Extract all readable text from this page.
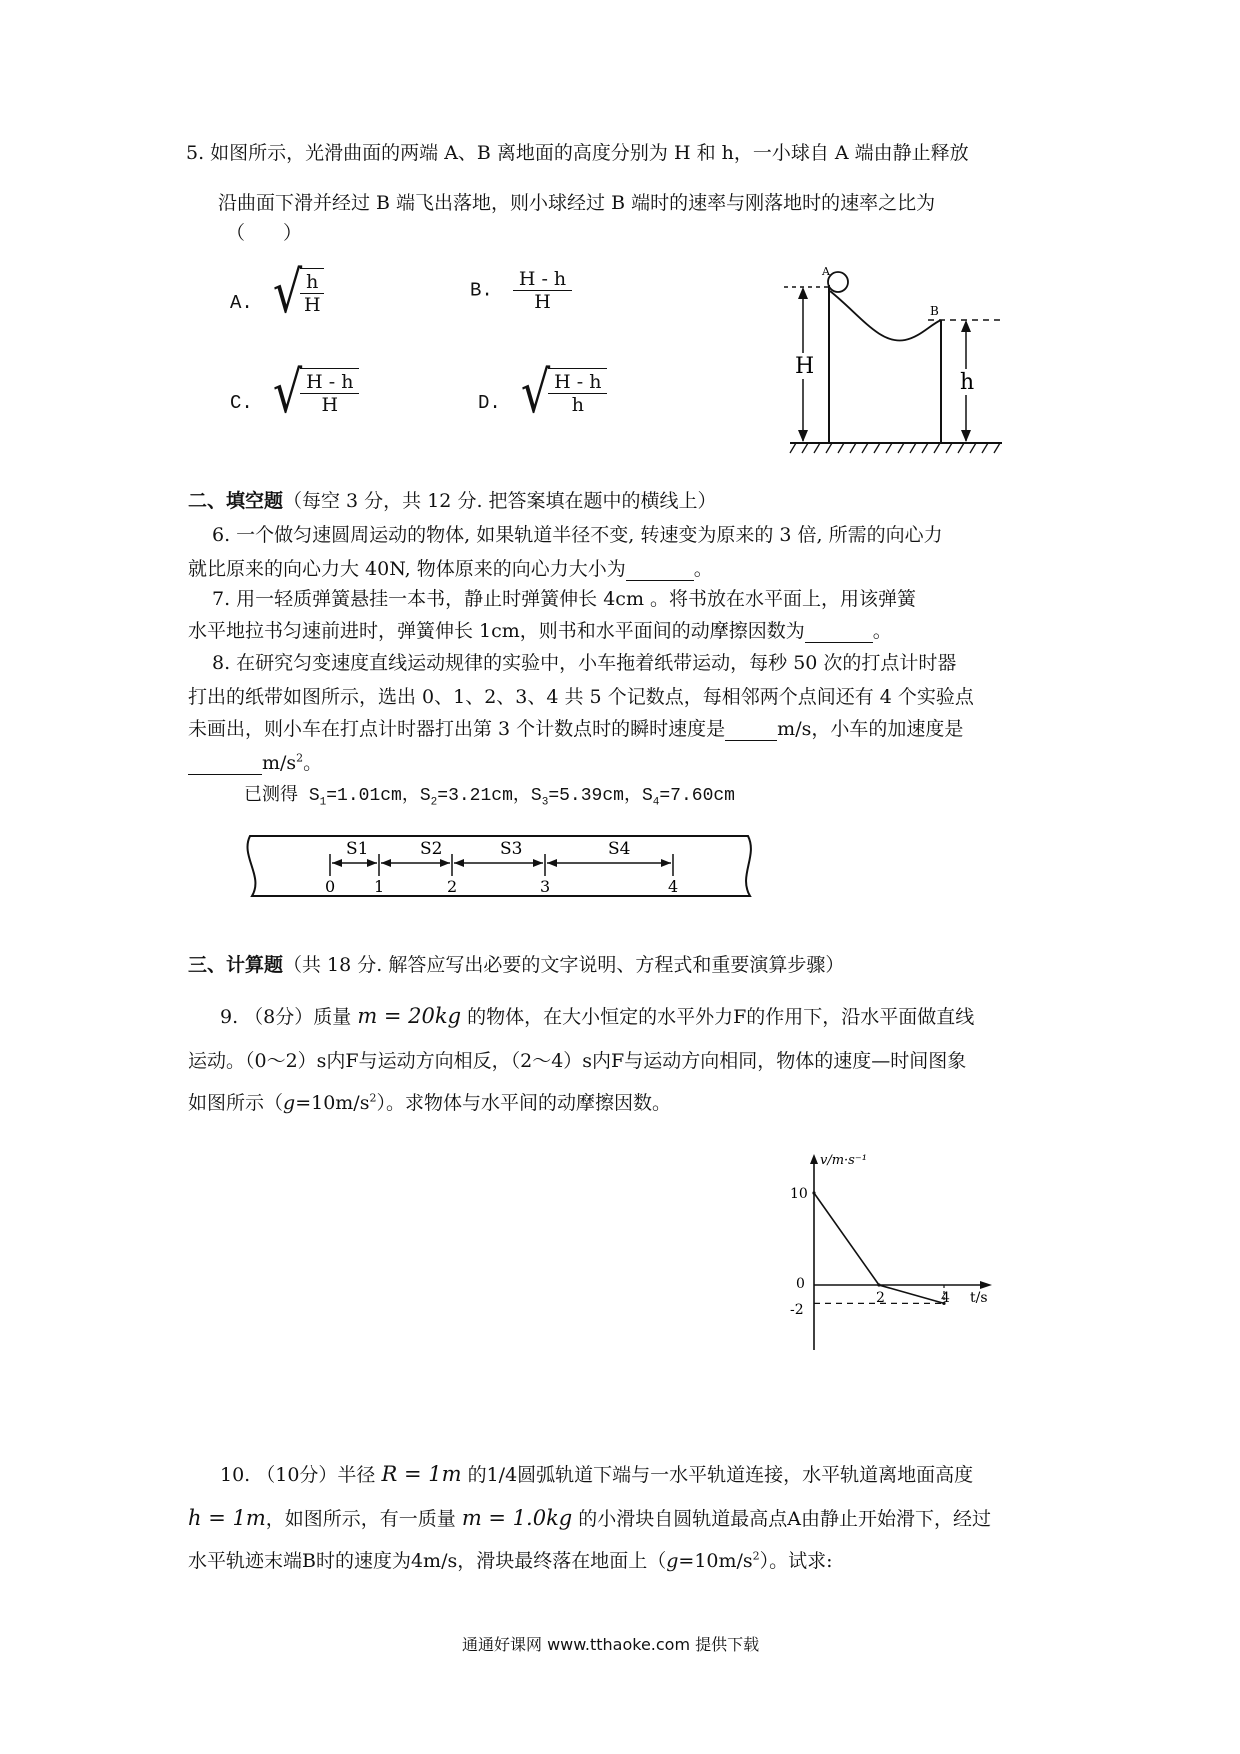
5. 如图所示，光滑曲面的两端 A、B 离地面的高度分别为 H 和 h，一小球自 A 端由静止释放
沿曲面下滑并经过 B 端飞出落地，则小球经过 B 端时的速率与刚落地时的速率之比为
（　　）
A. √
$\frac{h}{H}$	B. $\frac{H - h}{H}$
C. √
$\frac{H - h}{H}$	D. √
$\frac{H - h}{h}$
A
B
H
h
二、填空题（每空 3 分，共 12 分. 把答案填在题中的横线上）
6. 一个做匀速圆周运动的物体, 如果轨道半径不变, 转速变为原来的 3 倍, 所需的向心力
就比原来的向心力大 40N, 物体原来的向心力大小为	。
7. 用一轻质弹簧悬挂一本书，静止时弹簧伸长 4cm 。将书放在水平面上，用该弹簧
水平地拉书匀速前进时，弹簧伸长 1cm，则书和水平面间的动摩擦因数为	。
8. 在研究匀变速度直线运动规律的实验中，小车拖着纸带运动，每秒 50 次的打点计时器
打出的纸带如图所示，选出 0、1、2、3、4 共 5 个记数点，每相邻两个点间还有 4 个实验点
未画出，则小车在打点计时器打出第 3 个计数点时的瞬时速度是	m/s，小车的加速度是
$m/s^2$。
已测得 $S_1=1.01cm$，$S_2=3.21cm$，$S_3=5.39cm$，$S_4=7.60cm$
S1	S2	S3	S4
0 1	2	3	4
三、计算题（共 18 分. 解答应写出必要的文字说明、方程式和重要演算步骤）
9. （8分）质量 m = 20kg 的物体，在大小恒定的水平外力F的作用下，沿水平面做直线
运动。（0～2）s内F与运动方向相反，（2～4）s内F与运动方向相同，物体的速度—时间图象
如图所示$(g=10m/s^2)$。求物体与水平间的动摩擦因数。
v/m·s⁻¹
t/s
10
0
-2
2	4
10. （10分）半径 R = 1m 的1/4圆弧轨道下端与一水平轨道连接，水平轨道离地面高度
h = 1m，如图所示，有一质量 m = 1.0kg 的小滑块自圆轨道最高点A由静止开始滑下，经过
水平轨迹末端B时的速度为4m/s，滑块最终落在地面上$(g=10m/s^2)$。试求:
通通好课网 www.tthaoke.com 提供下载
